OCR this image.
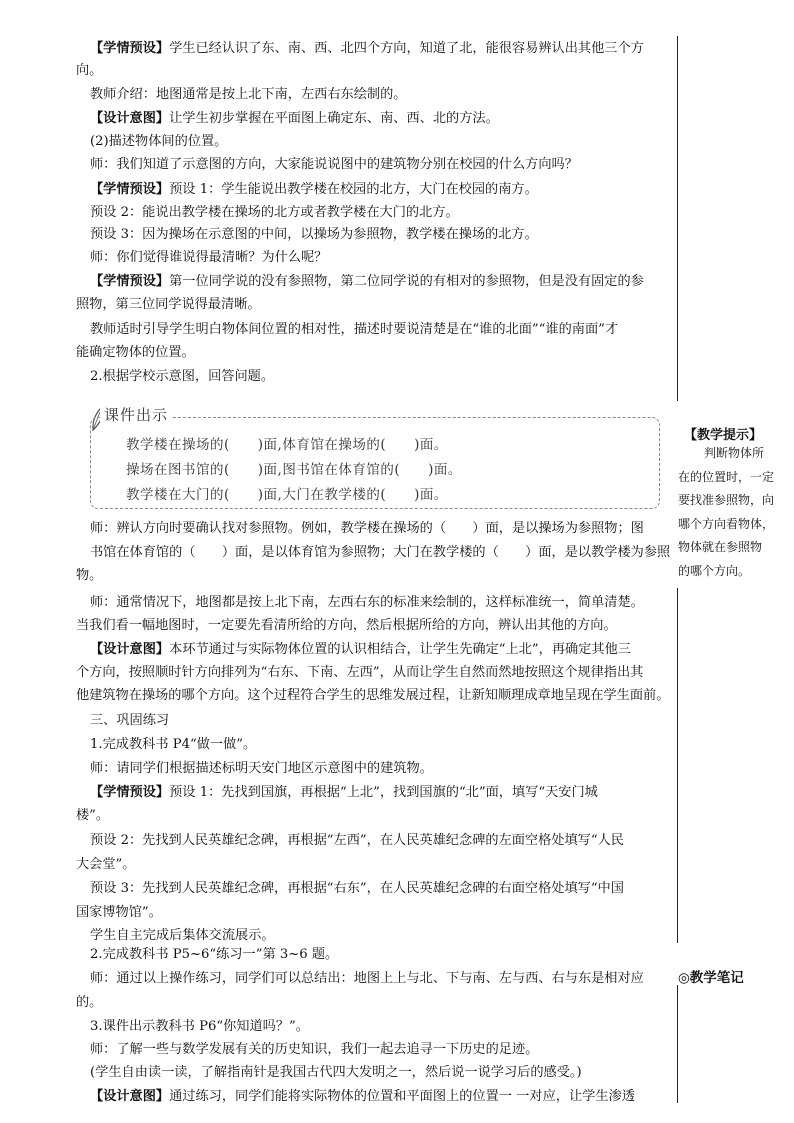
【学情预设】学生已经认识了东、南、西、北四个方向，知道了北，能很容易辨认出其他三个方
向。
教师介绍：地图通常是按上北下南，左西右东绘制的。
【设计意图】让学生初步掌握在平面图上确定东、南、西、北的方法。
(2)描述物体间的位置。
师：我们知道了示意图的方向，大家能说说图中的建筑物分别在校园的什么方向吗？
【学情预设】预设 1：学生能说出教学楼在校园的北方，大门在校园的南方。
预设 2：能说出教学楼在操场的北方或者教学楼在大门的北方。
预设 3：因为操场在示意图的中间，以操场为参照物，教学楼在操场的北方。
师：你们觉得谁说得最清晰？为什么呢？
【学情预设】第一位同学说的没有参照物，第二位同学说的有相对的参照物，但是没有固定的参
照物，第三位同学说得最清晰。
教师适时引导学生明白物体间位置的相对性，描述时要说清楚是在“谁的北面”“谁的南面”才
能确定物体的位置。
2.根据学校示意图，回答问题。
师：辨认方向时要确认找对参照物。例如，教学楼在操场的（　　）面，是以操场为参照物；图
书馆在体育馆的（　　）面，是以体育馆为参照物；大门在教学楼的（　　）面，是以教学楼为参照
物。
师：通常情况下，地图都是按上北下南，左西右东的标准来绘制的，这样标准统一，简单清楚。
当我们看一幅地图时，一定要先看清所给的方向，然后根据所给的方向，辨认出其他的方向。
【设计意图】本环节通过与实际物体位置的认识相结合，让学生先确定“上北”，再确定其他三
个方向，按照顺时针方向排列为“右东、下南、左西”，从而让学生自然而然地按照这个规律指出其
他建筑物在操场的哪个方向。这个过程符合学生的思维发展过程，让新知顺理成章地呈现在学生面前。
三、巩固练习
1.完成教科书 P4“做一做”。
师：请同学们根据描述标明天安门地区示意图中的建筑物。
【学情预设】预设 1：先找到国旗，再根据“上北”，找到国旗的“北”面，填写“天安门城
楼”。
预设 2：先找到人民英雄纪念碑，再根据“左西”，在人民英雄纪念碑的左面空格处填写“人民
大会堂”。
预设 3：先找到人民英雄纪念碑，再根据“右东”，在人民英雄纪念碑的右面空格处填写“中国
国家博物馆”。
学生自主完成后集体交流展示。
2.完成教科书 P5~6“练习一”第 3~6 题。
师：通过以上操作练习，同学们可以总结出：地图上上与北、下与南、左与西、右与东是相对应
的。
3.课件出示教科书 P6“你知道吗？”。
师：了解一些与数学发展有关的历史知识，我们一起去追寻一下历史的足迹。
(学生自由读一读，了解指南针是我国古代四大发明之一，然后说一说学习后的感受。)
【设计意图】通过练习，同学们能将实际物体的位置和平面图上的位置一 一对应，让学生渗透
课件出示
教学楼在操场的(　　)面,体育馆在操场的(　　)面。
操场在图书馆的(　　)面,图书馆在体育馆的(　　)面。
教学楼在大门的(　　)面,大门在教学楼的(　　)面。
【教学提示】
判断物体所
在的位置时，一定
要找准参照物，向
哪个方向看物体，
物体就在参照物
的哪个方向。
◎教学笔记
